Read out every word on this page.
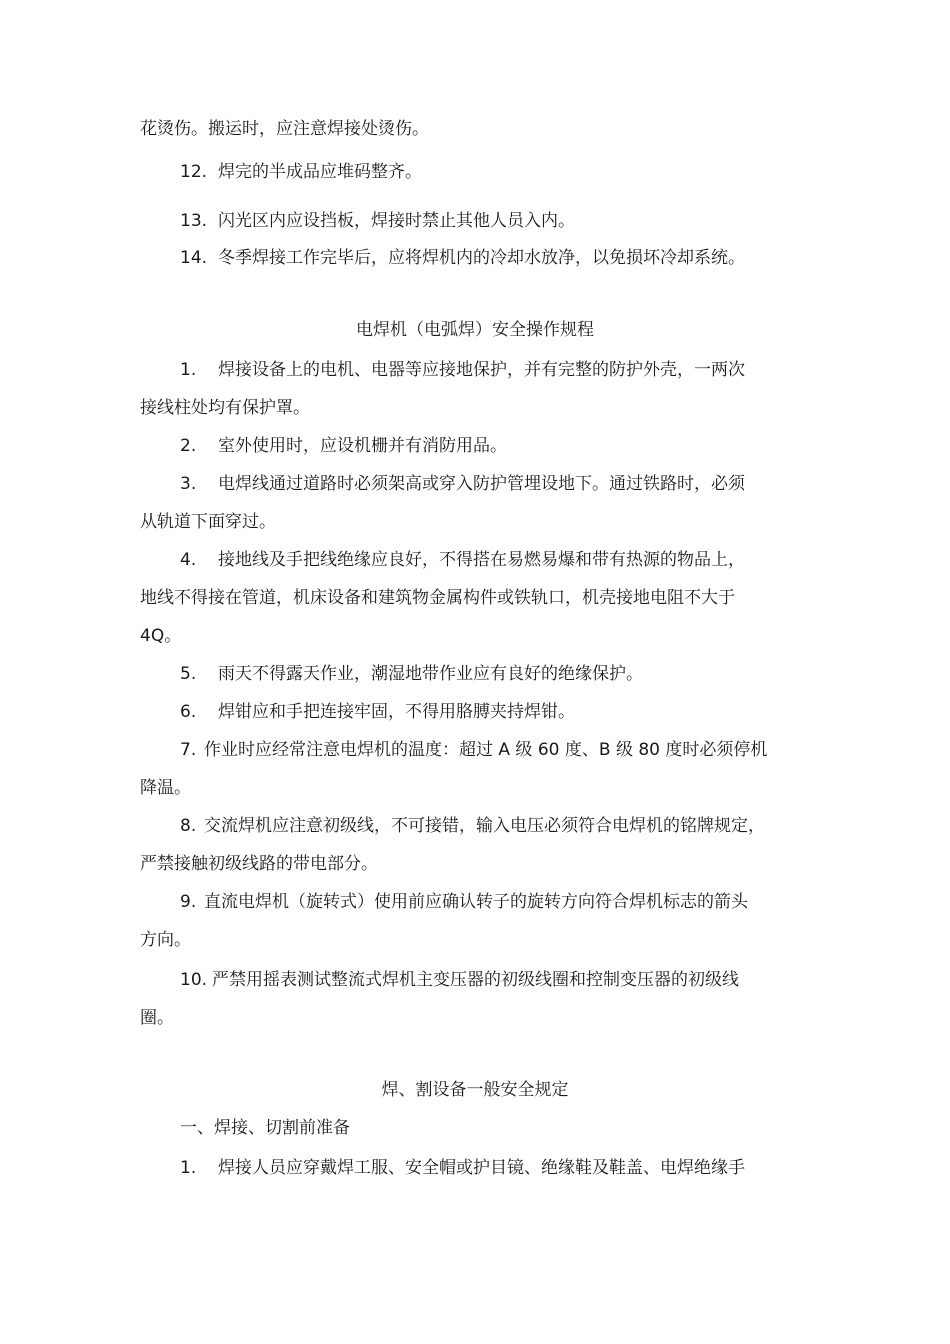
花烫伤。搬运时，应注意焊接处烫伤。
12. 焊完的半成品应堆码整齐。
13. 闪光区内应设挡板，焊接时禁止其他人员入内。
14. 冬季焊接工作完毕后，应将焊机内的冷却水放净，以免损坏冷却系统。
电焊机（电弧焊）安全操作规程
1. 焊接设备上的电机、电器等应接地保护，并有完整的防护外壳，一两次
接线柱处均有保护罩。
2. 室外使用时，应设机栅并有消防用品。
3. 电焊线通过道路时必须架高或穿入防护管埋设地下。通过铁路时，必须
从轨道下面穿过。
4. 接地线及手把线绝缘应良好，不得搭在易燃易爆和带有热源的物品上，
地线不得接在管道，机床设备和建筑物金属构件或铁轨口，机壳接地电阻不大于
4Q。
5. 雨天不得露天作业，潮湿地带作业应有良好的绝缘保护。
6. 焊钳应和手把连接牢固，不得用胳膊夹持焊钳。
7. 作业时应经常注意电焊机的温度：超过 A 级 60 度、B 级 80 度时必须停机
降温。
8. 交流焊机应注意初级线，不可接错，输入电压必须符合电焊机的铭牌规定，
严禁接触初级线路的带电部分。
9. 直流电焊机（旋转式）使用前应确认转子的旋转方向符合焊机标志的箭头
方向。
10. 严禁用摇表测试整流式焊机主变压器的初级线圈和控制变压器的初级线
圈。
焊、割设备一般安全规定
一、焊接、切割前准备
1. 焊接人员应穿戴焊工服、安全帽或护目镜、绝缘鞋及鞋盖、电焊绝缘手
